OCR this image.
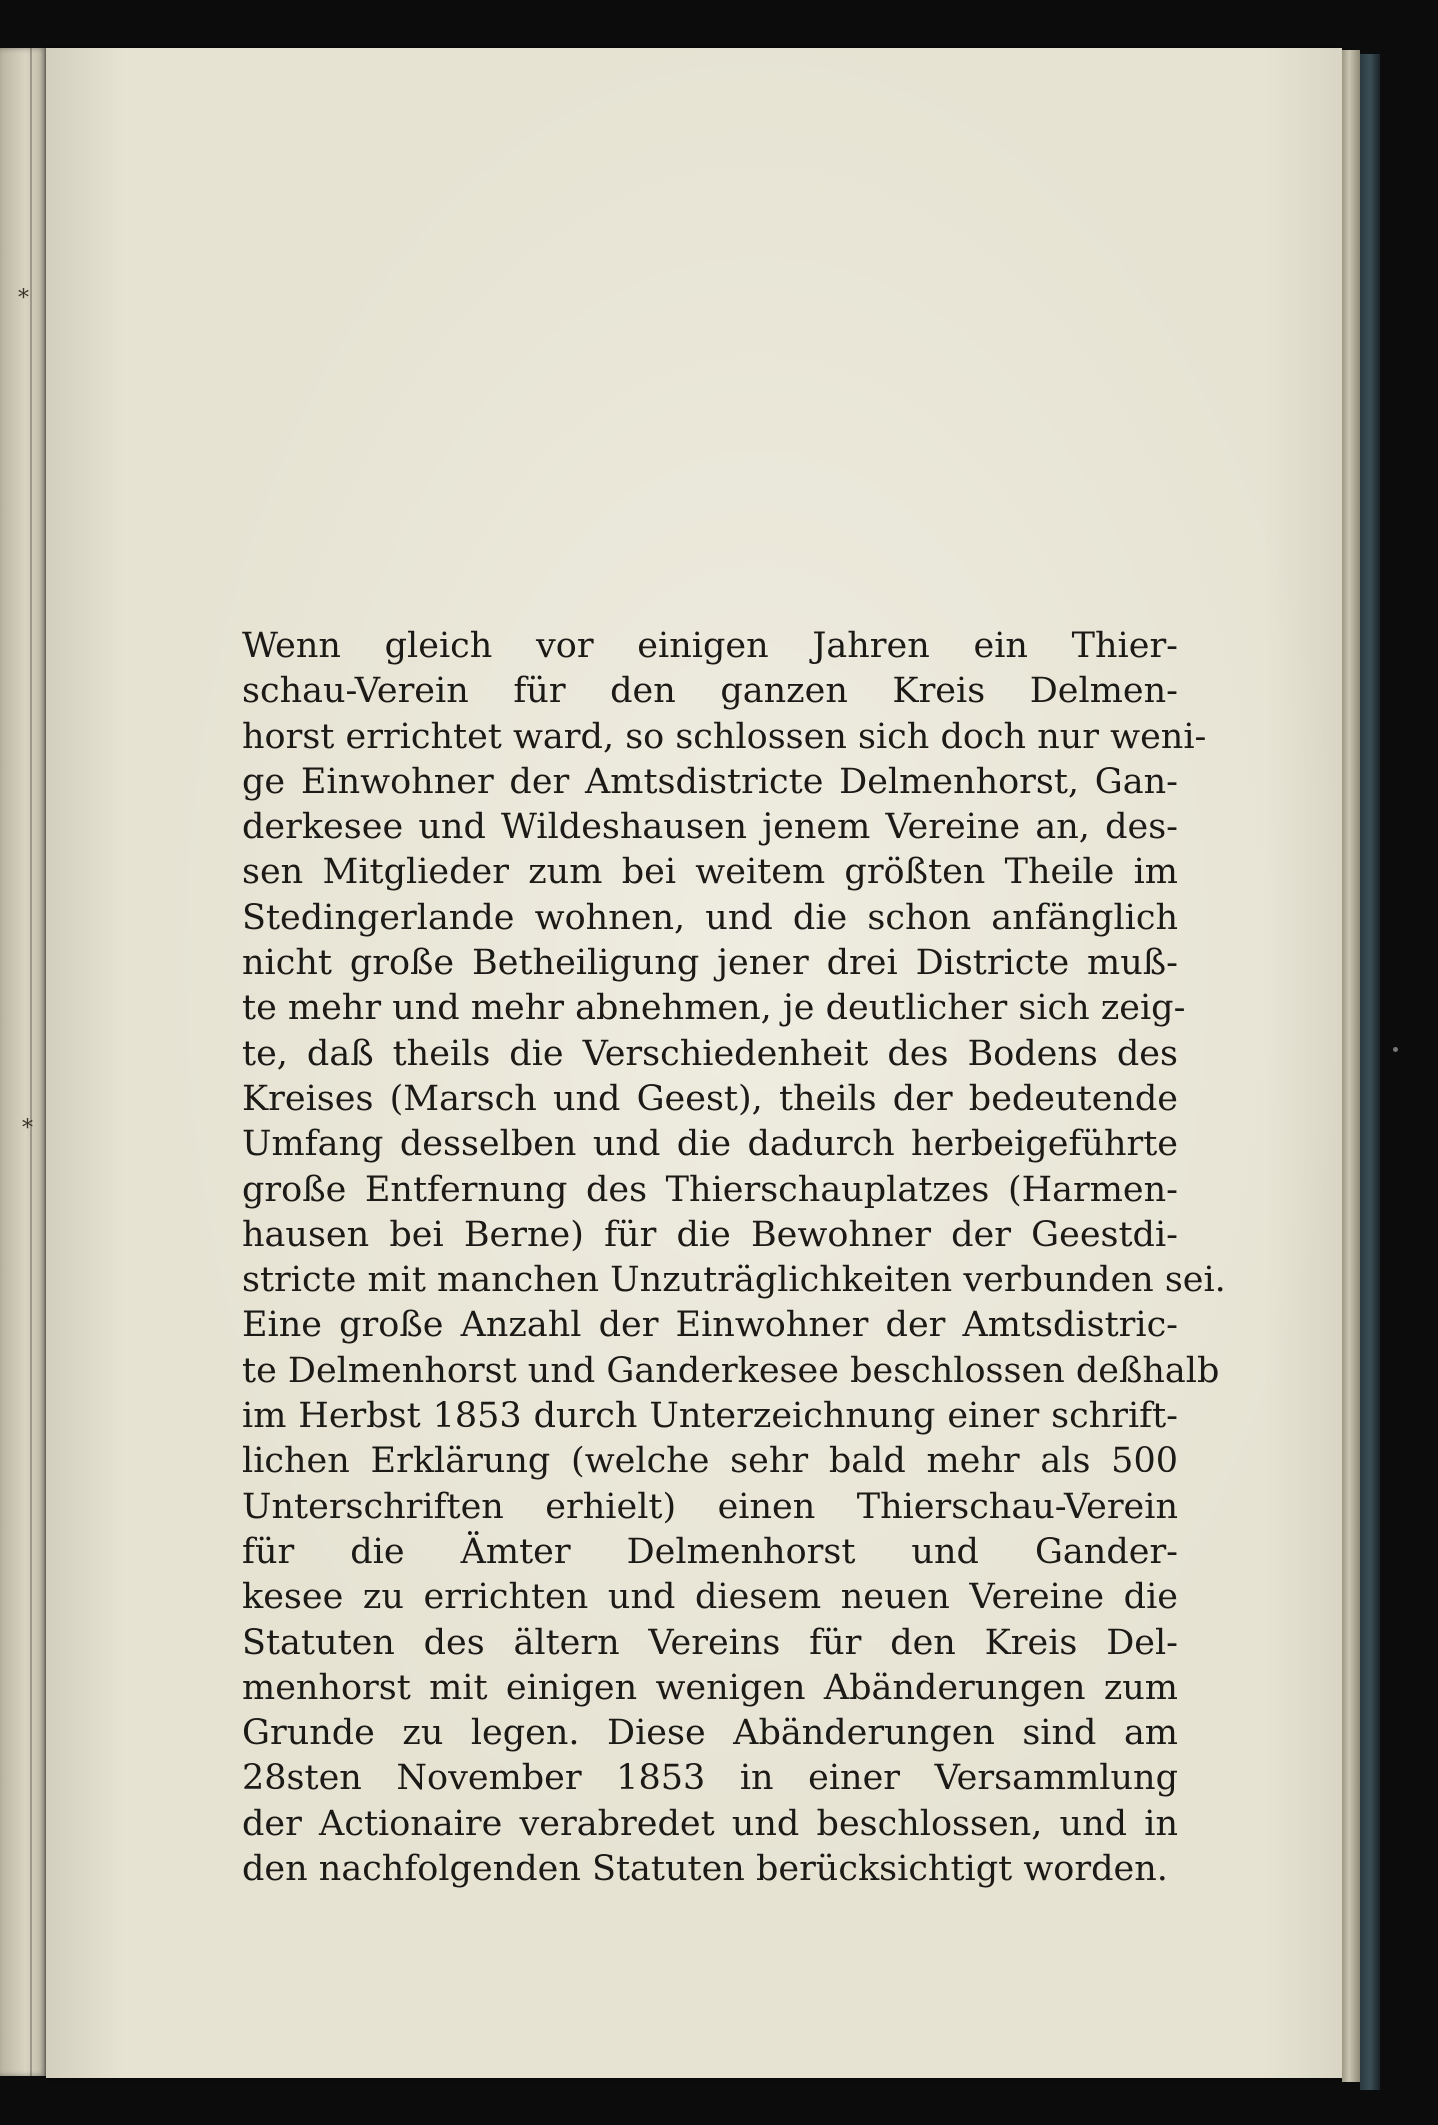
*
*
Wenn gleich vor einigen Jahren ein Thier-
schau-Verein für den ganzen Kreis Delmen-
horst errichtet ward, so schlossen sich doch nur weni-
ge Einwohner der Amtsdistricte Delmenhorst, Gan-
derkesee und Wildeshausen jenem Vereine an, des-
sen Mitglieder zum bei weitem größten Theile im
Stedingerlande wohnen, und die schon anfänglich
nicht große Betheiligung jener drei Districte muß-
te mehr und mehr abnehmen, je deutlicher sich zeig-
te, daß theils die Verschiedenheit des Bodens des
Kreises (Marsch und Geest), theils der bedeutende
Umfang desselben und die dadurch herbeigeführte
große Entfernung des Thierschauplatzes (Harmen-
hausen bei Berne) für die Bewohner der Geestdi-
stricte mit manchen Unzuträglichkeiten verbunden sei.
Eine große Anzahl der Einwohner der Amtsdistric-
te Delmenhorst und Ganderkesee beschlossen deßhalb
im Herbst 1853 durch Unterzeichnung einer schrift-
lichen Erklärung (welche sehr bald mehr als 500
Unterschriften erhielt) einen Thierschau-Verein
für die Ämter Delmenhorst und Gander-
kesee zu errichten und diesem neuen Vereine die
Statuten des ältern Vereins für den Kreis Del-
menhorst mit einigen wenigen Abänderungen zum
Grunde zu legen. Diese Abänderungen sind am
28sten November 1853 in einer Versammlung
der Actionaire verabredet und beschlossen, und in
den nachfolgenden Statuten berücksichtigt worden.
